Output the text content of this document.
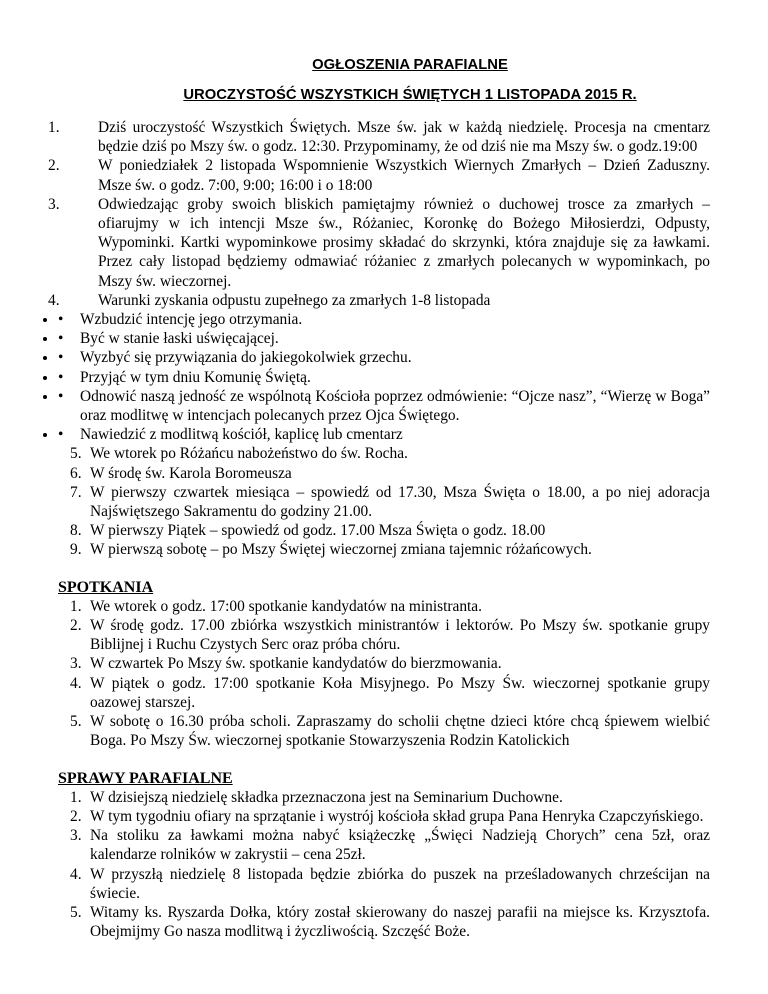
OGŁOSZENIA PARAFIALNE
UROCZYSTOŚĆ WSZYSTKICH ŚWIĘTYCH 1 LISTOPADA 2015 R.
1. Dziś uroczystość Wszystkich Świętych. Msze św. jak w każdą niedzielę. Procesja na cmentarz będzie dziś po Mszy św. o godz. 12:30. Przypominamy, że od dziś nie ma Mszy św. o godz.19:00
2. W poniedziałek 2 listopada Wspomnienie Wszystkich Wiernych Zmarłych – Dzień Zaduszny. Msze św. o godz. 7:00, 9:00; 16:00 i o 18:00
3. Odwiedzając groby swoich bliskich pamiętajmy również o duchowej trosce za zmarłych – ofiarujmy w ich intencji Msze św., Różaniec, Koronkę do Bożego Miłosierdzi, Odpusty, Wypominki. Kartki wypominkowe prosimy składać do skrzynki, która znajduje się za ławkami. Przez cały listopad będziemy odmawiać różaniec z zmarłych polecanych w wypominkach, po Mszy św. wieczornej.
4. Warunki zyskania odpustu zupełnego za zmarłych 1-8 listopada
• • Wzbudzić intencję jego otrzymania.
• • Być w stanie łaski uświęcającej.
• • Wyzbyć się przywiązania do jakiegokolwiek grzechu.
• • Przyjąć w tym dniu Komunię Świętą.
• • Odnowić naszą jedność ze wspólnotą Kościoła poprzez odmówienie: “Ojcze nasz”, “Wierzę w Boga” oraz modlitwę w intencjach polecanych przez Ojca Świętego.
• • Nawiedzić z modlitwą kościół, kaplicę lub cmentarz
5. We wtorek po Różańcu nabożeństwo do św. Rocha.
6. W środę św. Karola Boromeusza
7. W pierwszy czwartek miesiąca – spowiedź od 17.30, Msza Święta o 18.00, a po niej adoracja Najświętszego Sakramentu do godziny 21.00.
8. W pierwszy Piątek – spowiedź od godz. 17.00 Msza Święta o godz. 18.00
9. W pierwszą sobotę – po Mszy Świętej wieczornej zmiana tajemnic różańcowych.
SPOTKANIA
1. We wtorek o godz. 17:00 spotkanie kandydatów na ministranta.
2. W środę godz. 17.00 zbiórka wszystkich ministrantów i lektorów. Po Mszy św. spotkanie grupy Biblijnej i Ruchu Czystych Serc oraz próba chóru.
3. W czwartek Po Mszy św. spotkanie kandydatów do bierzmowania.
4. W piątek o godz. 17:00 spotkanie Koła Misyjnego. Po Mszy Św. wieczornej spotkanie grupy oazowej starszej.
5. W sobotę o 16.30 próba scholi. Zapraszamy do scholii chętne dzieci które chcą śpiewem wielbić Boga. Po Mszy Św. wieczornej spotkanie Stowarzyszenia Rodzin Katolickich
SPRAWY PARAFIALNE
1. W dzisiejszą niedzielę składka przeznaczona jest na Seminarium Duchowne.
2. W tym tygodniu ofiary na sprzątanie i wystrój kościoła skład grupa Pana Henryka Czapczyńskiego.
3. Na stoliku za ławkami można nabyć książeczkę „Święci Nadzieją Chorych” cena 5zł, oraz kalendarze rolników w zakrystii – cena 25zł.
4. W przyszłą niedzielę 8 listopada będzie zbiórka do puszek na prześladowanych chrześcijan na świecie.
5. Witamy ks. Ryszarda Dołka, który został skierowany do naszej parafii na miejsce ks. Krzysztofa. Obejmijmy Go nasza modlitwą i życzliwością. Szczęść Boże.
